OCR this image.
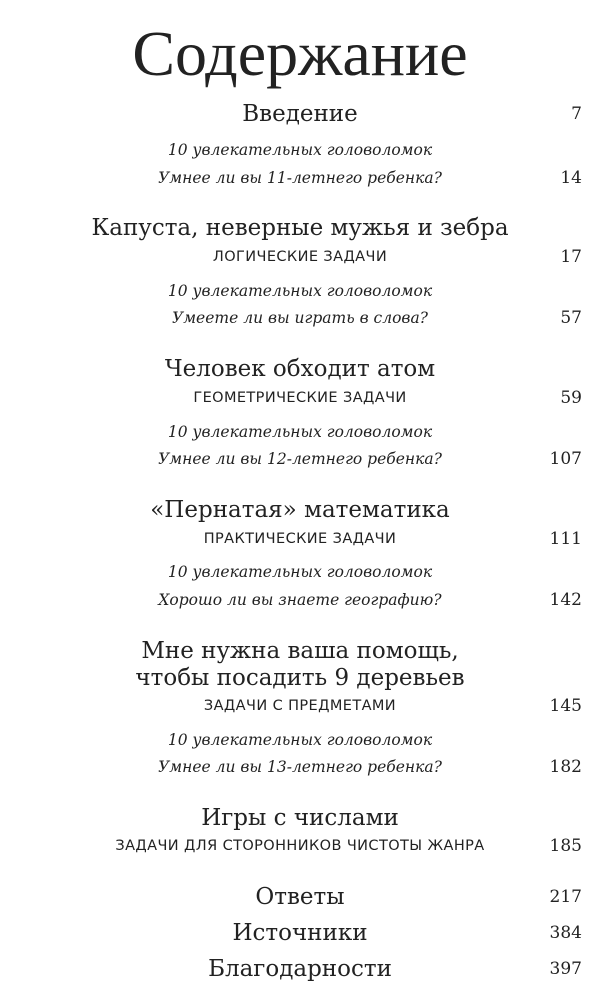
Содержание
Введение	7
10 увлекательных головоломок
Умнее ли вы 11-летнего ребенка?	14
Капуста, неверные мужья и зебра
ЛОГИЧЕСКИЕ ЗАДАЧИ	17
10 увлекательных головоломок
Умеете ли вы играть в слова?	57
Человек обходит атом
ГЕОМЕТРИЧЕСКИЕ ЗАДАЧИ	59
10 увлекательных головоломок
Умнее ли вы 12-летнего ребенка?	107
«Пернатая» математика
ПРАКТИЧЕСКИЕ ЗАДАЧИ	111
10 увлекательных головоломок
Хорошо ли вы знаете географию?	142
Мне нужна ваша помощь,
чтобы посадить 9 деревьев
ЗАДАЧИ С ПРЕДМЕТАМИ	145
10 увлекательных головоломок
Умнее ли вы 13-летнего ребенка?	182
Игры с числами
ЗАДАЧИ ДЛЯ СТОРОННИКОВ ЧИСТОТЫ ЖАНРА	185
Ответы	217
Источники	384
Благодарности	397
